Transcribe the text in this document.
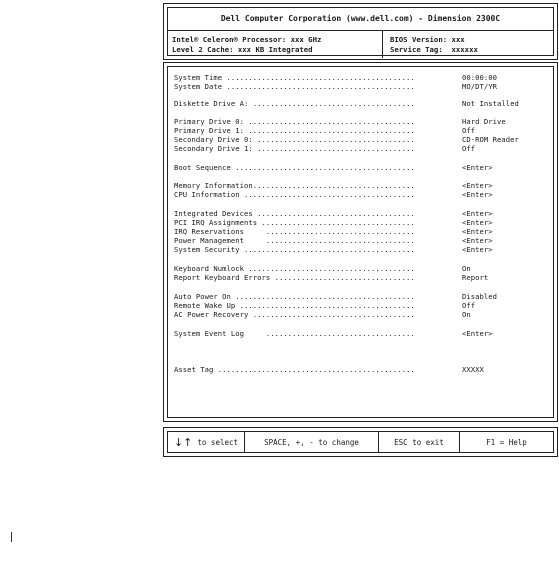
Dell Computer Corporation (www.dell.com) - Dimension 2300C
Intel® Celeron® Processor: xxx GHz
Level 2 Cache: xxx KB Integrated
BIOS Version: xxx
Service Tag:  xxxxxx
System Time ...........................................	00:00:00
System Date ...........................................	MO/DT/YR
Diskette Drive A: .....................................	Not Installed
Primary Drive 0: ......................................	Hard Drive
Primary Drive 1: ......................................	Off
Secondary Drive 0: ....................................	CD-ROM Reader
Secondary Drive 1: ....................................	Off
Boot Sequence .........................................	<Enter>
Memory Information.....................................	<Enter>
CPU Information .......................................	<Enter>
Integrated Devices ....................................	<Enter>
PCI IRQ Assignments ...................................	<Enter>
IRQ Reservations     ..................................	<Enter>
Power Management     ..................................	<Enter>
System Security .......................................	<Enter>
Keyboard Numlock ......................................	On
Report Keyboard Errors ................................	Report
Auto Power On .........................................	Disabled
Remote Wake Up ........................................	Off
AC Power Recovery .....................................	On
System Event Log     ..................................	<Enter>
Asset Tag .............................................	XXXXX
↓↑ to select	SPACE, +, - to change	ESC to exit	F1 = Help
